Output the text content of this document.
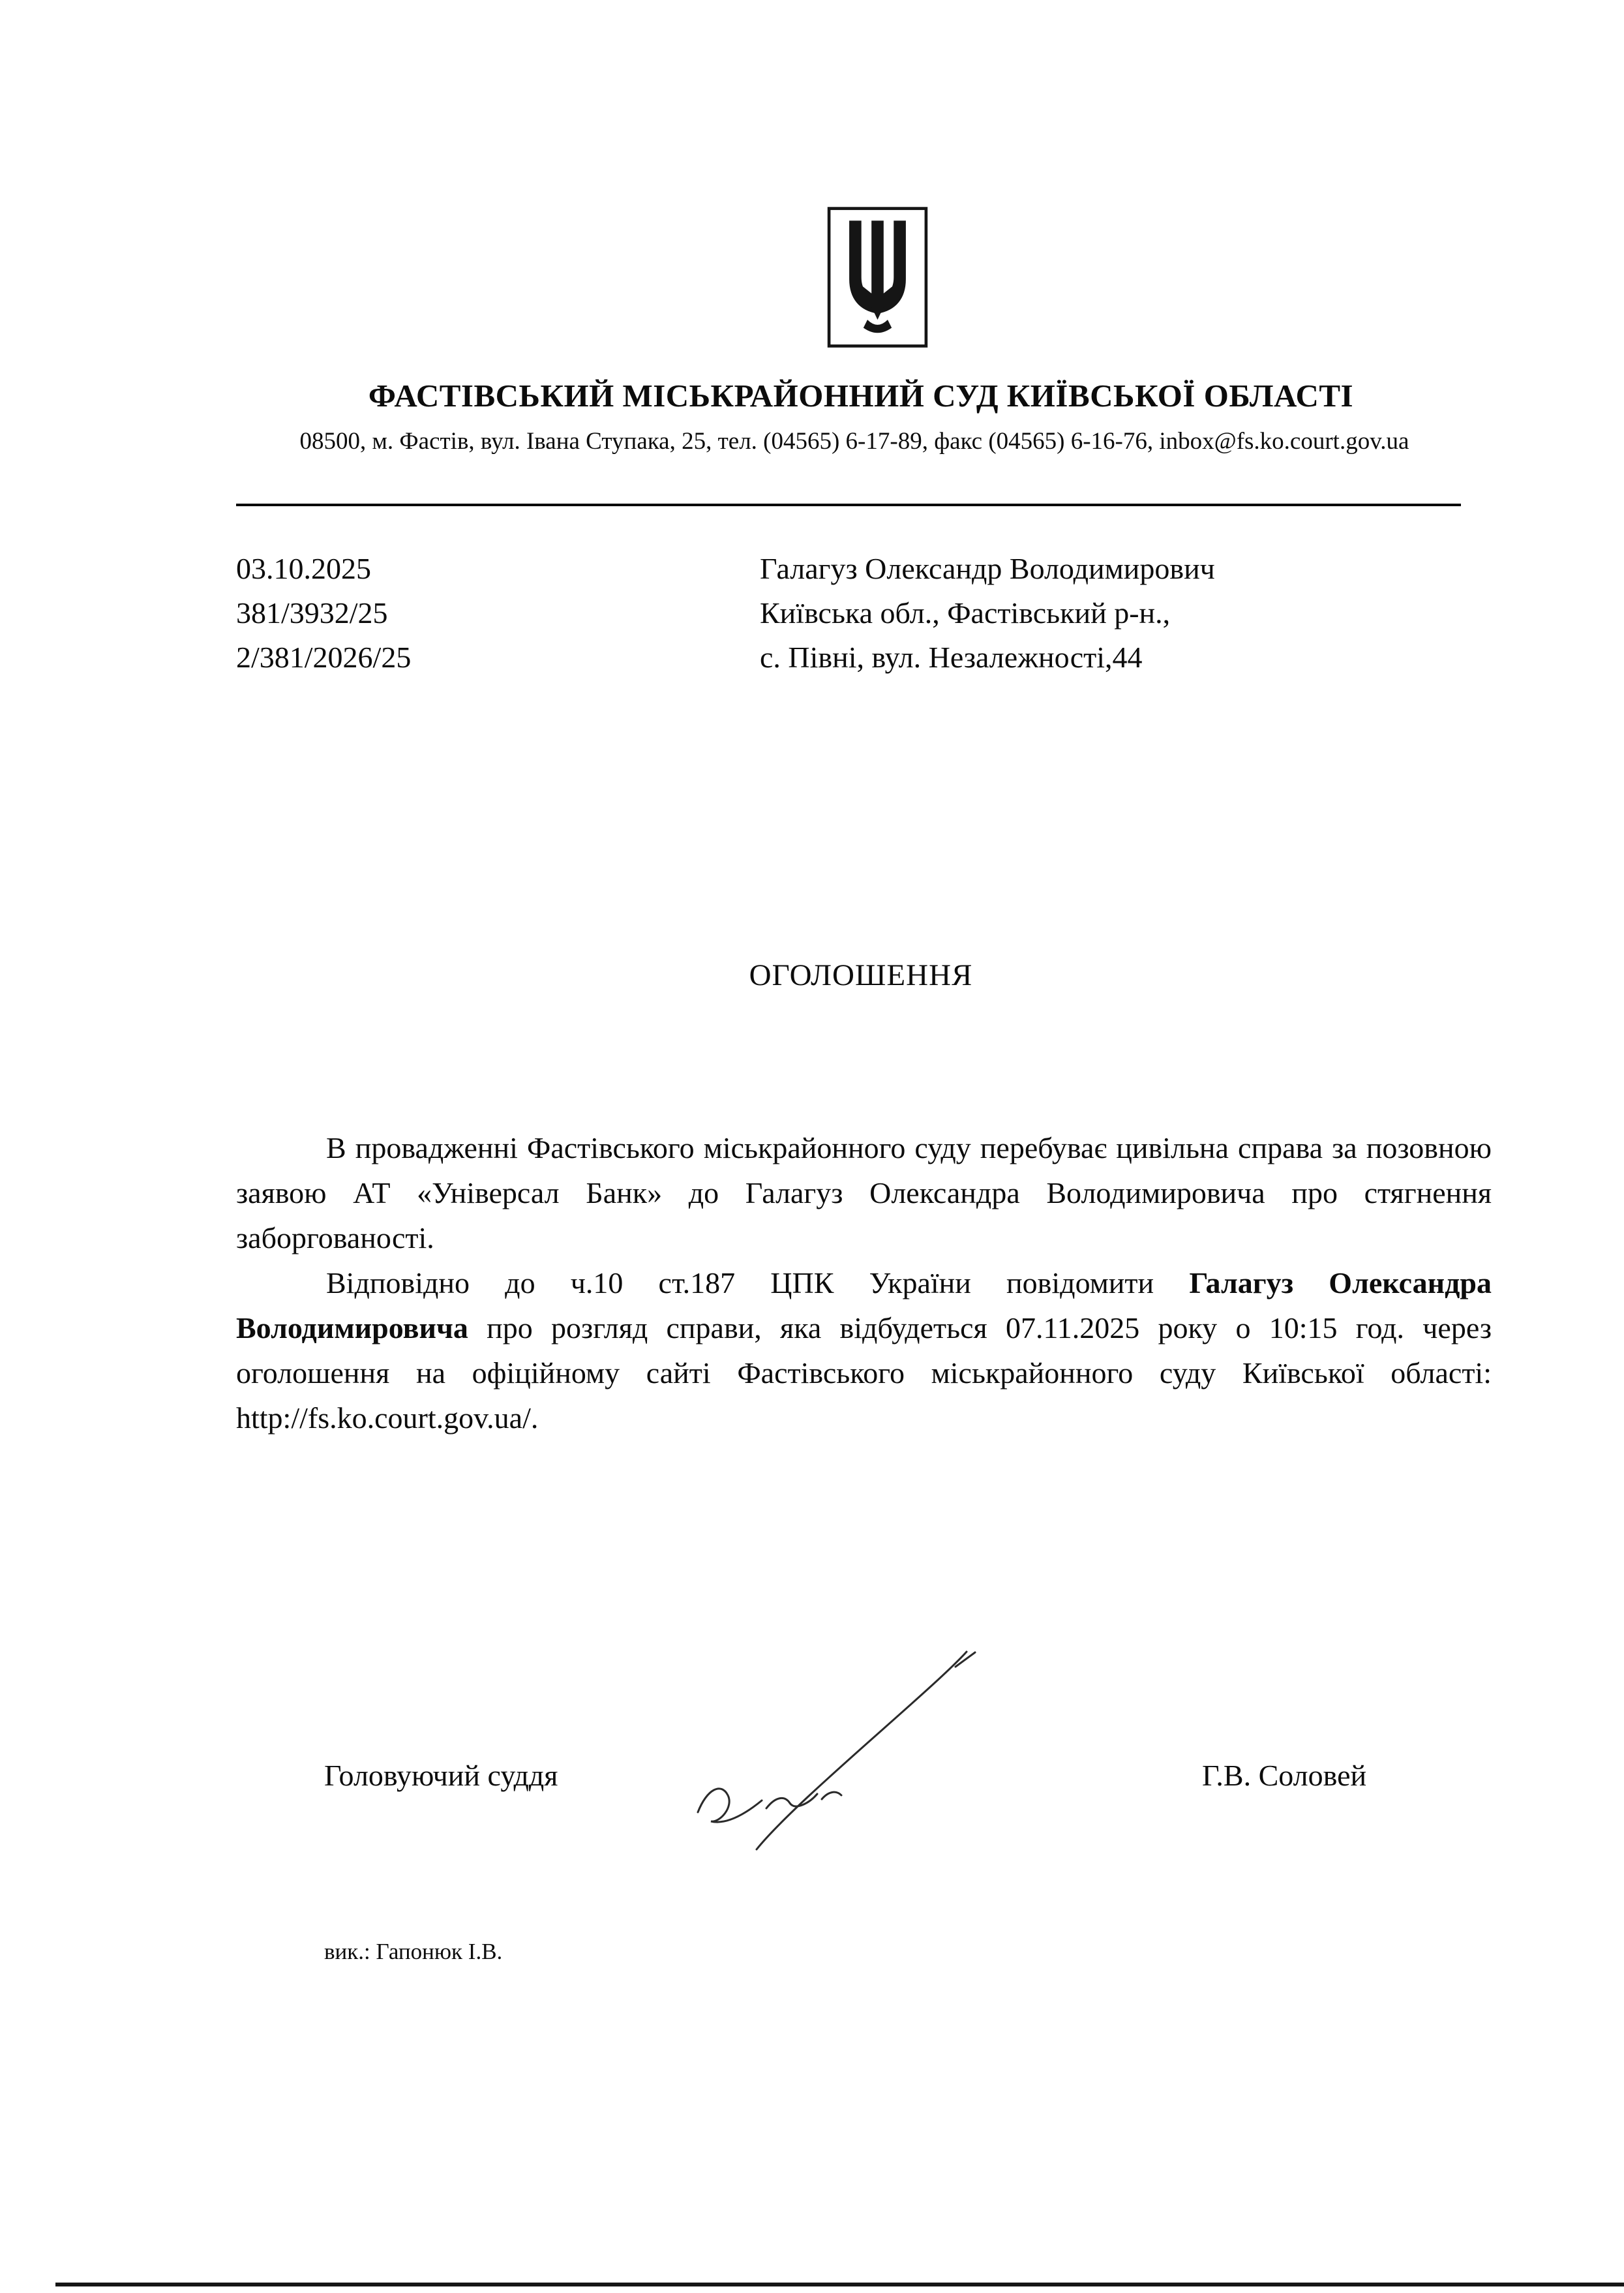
ФАСТІВСЬКИЙ МІСЬКРАЙОННИЙ СУД КИЇВСЬКОЇ ОБЛАСТІ
08500, м. Фастів, вул. Івана Ступака, 25, тел. (04565) 6-17-89, факс (04565) 6-16-76, inbox@fs.ko.court.gov.ua
03.10.2025
381/3932/25
2/381/2026/25
Галагуз Олександр Володимирович
Київська обл., Фастівський р-н.,
с. Півні, вул. Незалежності,44
ОГОЛОШЕННЯ

В провадженні Фастівського міськрайонного суду перебуває цивільна справа за позовною заявою АТ «Універсал Банк» до Галагуз Олександра Володимировича про стягнення заборгованості.

Відповідно до ч.10 ст.187 ЦПК України повідомити Галагуз Олександра Володимировича про розгляд справи, яка відбудеться 07.11.2025 року о 10:15 год. через оголошення на офіційному сайті Фастівського міськрайонного суду Київської області: http://fs.ko.court.gov.ua/.

Головуючий суддя	Г.В. Соловей
вик.: Гапонюк І.В.
